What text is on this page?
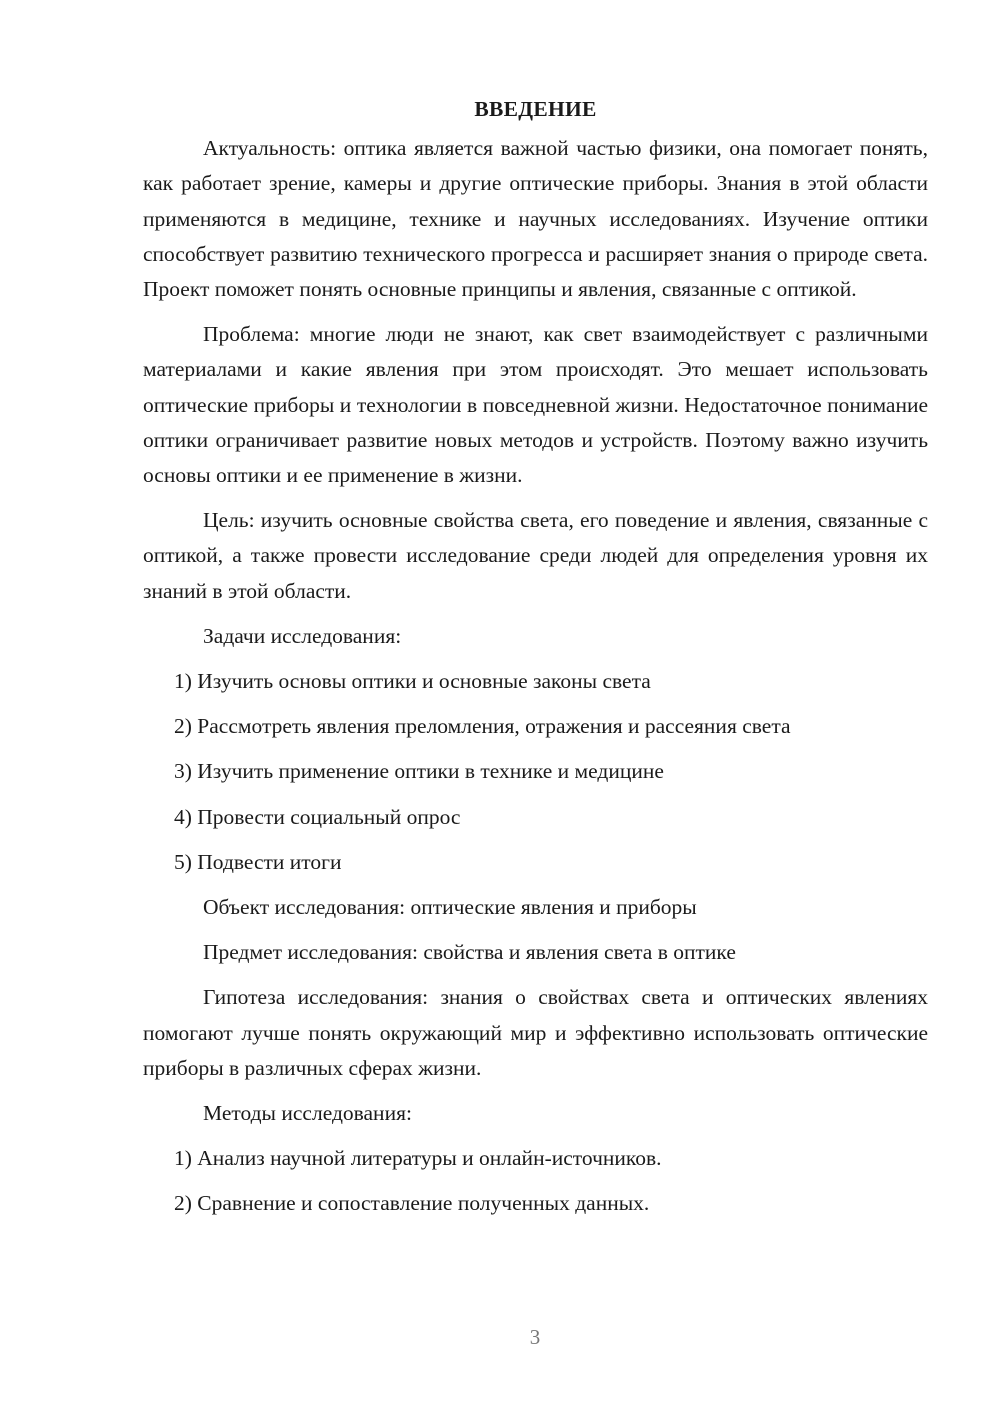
ВВЕДЕНИЕ

Актуальность: оптика является важной частью физики, она помогает понять, как работает зрение, камеры и другие оптические приборы. Знания в этой области применяются в медицине, технике и научных исследованиях. Изучение оптики способствует развитию технического прогресса и расширяет знания о природе света. Проект поможет понять основные принципы и явления, связанные с оптикой.

Проблема: многие люди не знают, как свет взаимодействует с различными материалами и какие явления при этом происходят. Это мешает использовать оптические приборы и технологии в повседневной жизни. Недостаточное понимание оптики ограничивает развитие новых методов и устройств. Поэтому важно изучить основы оптики и ее применение в жизни.

Цель: изучить основные свойства света, его поведение и явления, связанные с оптикой, а также провести исследование среди людей для определения уровня их знаний в этой области.

Задачи исследования:
1) Изучить основы оптики и основные законы света
2) Рассмотреть явления преломления, отражения и рассеяния света
3) Изучить применение оптики в технике и медицине
4) Провести социальный опрос
5) Подвести итоги
Объект исследования: оптические явления и приборы
Предмет исследования: свойства и явления света в оптике

Гипотеза исследования: знания о свойствах света и оптических явлениях помогают лучше понять окружающий мир и эффективно использовать оптические приборы в различных сферах жизни.

Методы исследования:
1) Анализ научной литературы и онлайн-источников.
2) Сравнение и сопоставление полученных данных.
3
